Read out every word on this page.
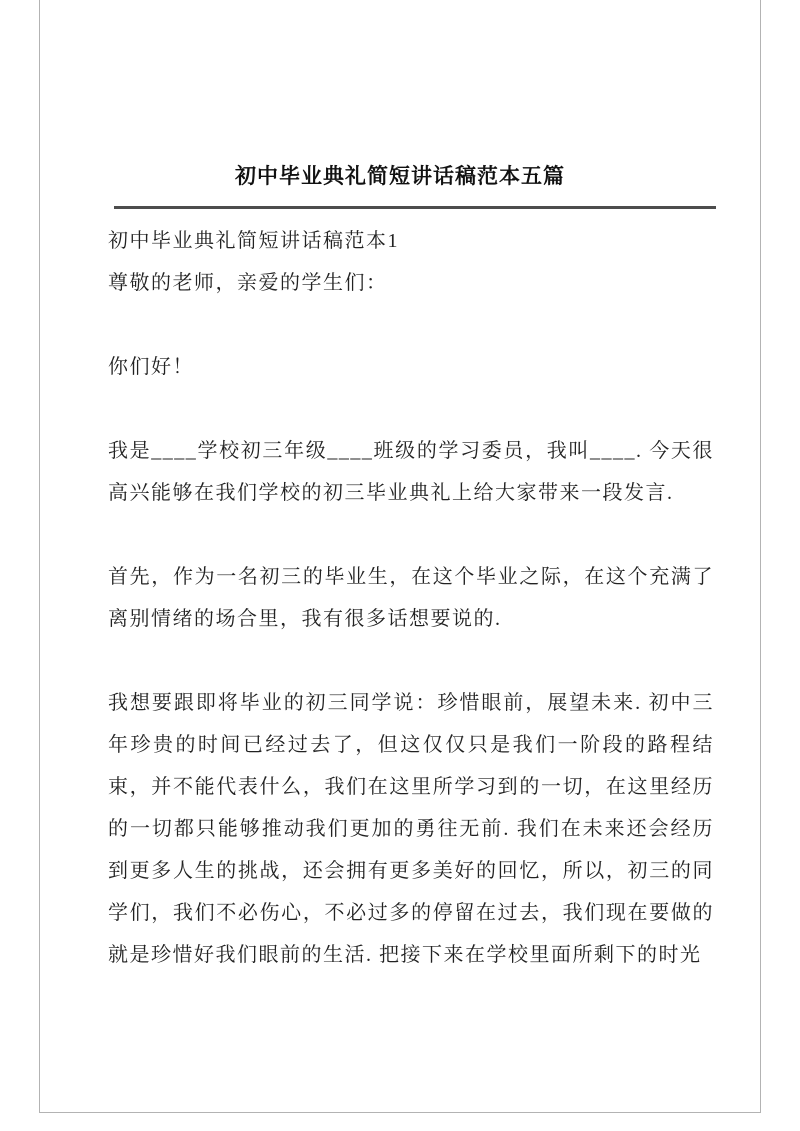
初中毕业典礼简短讲话稿范本五篇

初中毕业典礼简短讲话稿范本1

尊敬的老师，亲爱的学生们：

你们好！

我是____学校初三年级____班级的学习委员，我叫____. 今天很高兴能够在我们学校的初三毕业典礼上给大家带来一段发言.

首先，作为一名初三的毕业生，在这个毕业之际，在这个充满了离别情绪的场合里，我有很多话想要说的.

我想要跟即将毕业的初三同学说：珍惜眼前，展望未来. 初中三年珍贵的时间已经过去了，但这仅仅只是我们一阶段的路程结束，并不能代表什么，我们在这里所学习到的一切，在这里经历的一切都只能够推动我们更加的勇往无前. 我们在未来还会经历到更多人生的挑战，还会拥有更多美好的回忆，所以，初三的同学们，我们不必伤心，不必过多的停留在过去，我们现在要做的就是珍惜好我们眼前的生活. 把接下来在学校里面所剩下的时光
